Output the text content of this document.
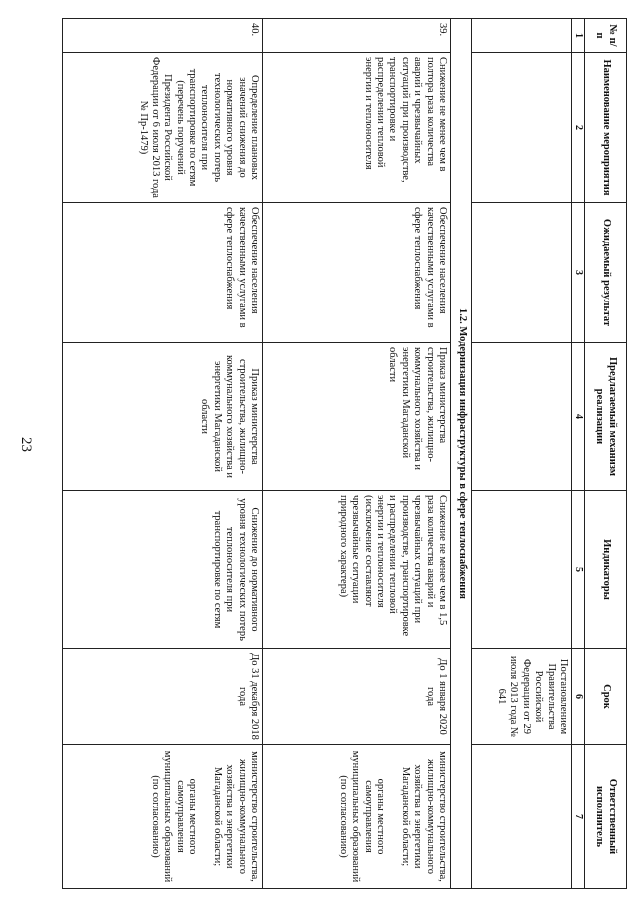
23
№ п/п	Наименование мероприятия	Ожидаемый результат	Предлагаемый механизм реализации	Индикаторы	Срок	Ответственный исполнитель
1	2	3	4	5	6	7
					Постановлением Правительства Российской Федерации от 29 июля 2013 года № 641	
1.2. Модернизация инфраструктуры в сфере теплоснабжения						
39.	Снижение не менее чем в полтора раза количества аварий и чрезвычайных ситуаций при производстве, транспортировке и распределении тепловой энергии и теплоносителя	Обеспечение населения качественными услугами в сфере теплоснабжения	Приказ министерства строительства, жилищно-коммунального хозяйства и энергетики Магаданской области	Снижение не менее чем в 1,5 раза количества аварий и чрезвычайных ситуаций при производстве, транспортировке и распределении тепловой энергии и теплоносителя (исключение составляют чрезвычайные ситуации природного характера)	До 1 января 2020 года	министерство строительства, жилищно-коммунального хозяйства и энергетики Магаданской области;

органы местного самоуправления муниципальных образований (по согласованию)
40.	Определение плановых значений снижения до нормативного уровня технологических потерь теплоносителя при транспортировке по сетям (перечень поручений Президента Российской Федерации от 6 июля 2013 года № Пр-1479)	Обеспечение населения качественными услугами в сфере теплоснабжения	Приказ министерства строительства, жилищно-коммунального хозяйства и энергетики Магаданской области	Снижение до нормативного уровня технологических потерь теплоносителя при транспортировке по сетям	До 31 декабря 2018 года	министерство строительства, жилищно-коммунального хозяйства и энергетики Магаданской области;

органы местного самоуправления муниципальных образований (по согласованию)
